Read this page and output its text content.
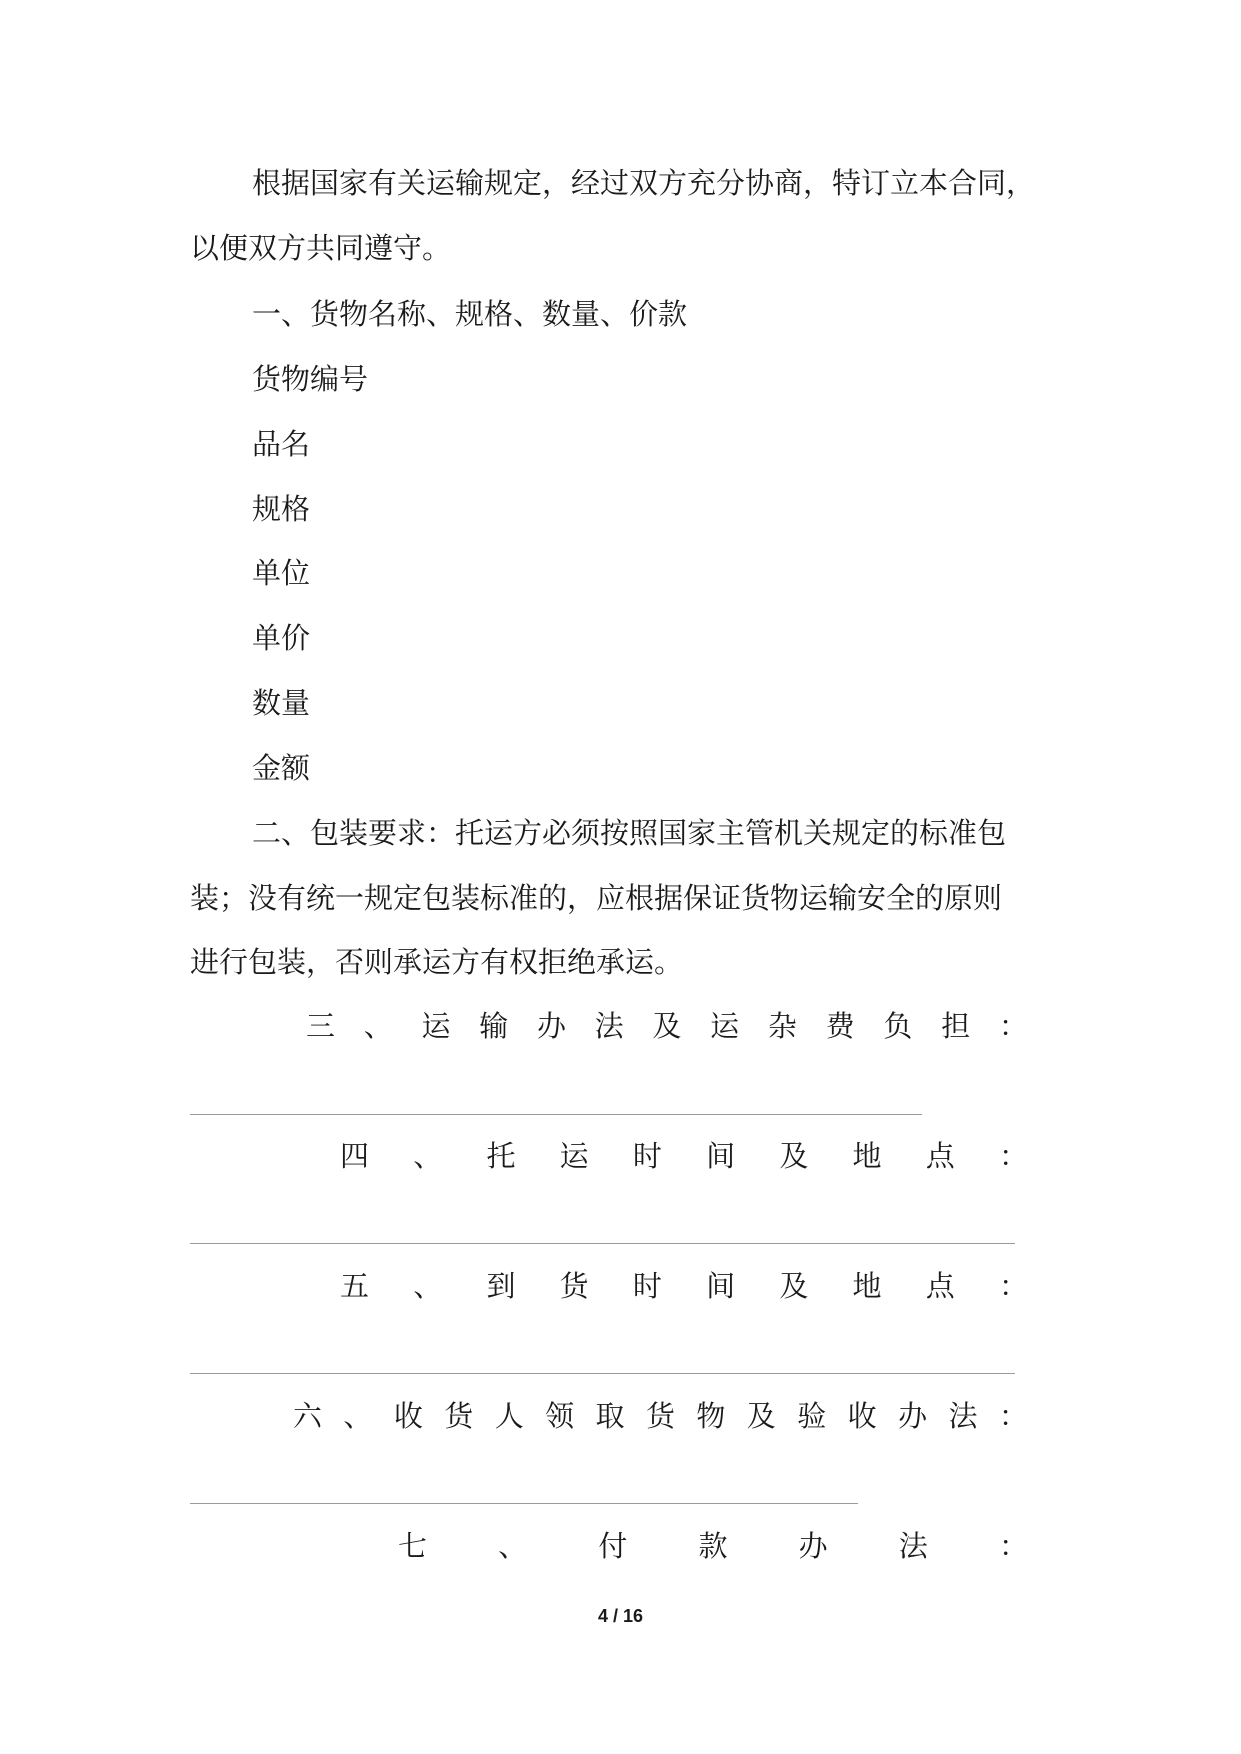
根据国家有关运输规定，经过双方充分协商，特订立本合同，
以便双方共同遵守。
一、货物名称、规格、数量、价款
货物编号
品名
规格
单位
单价
数量
金额
二、包装要求：托运方必须按照国家主管机关规定的标准包
装；没有统一规定包装标准的，应根据保证货物运输安全的原则
进行包装，否则承运方有权拒绝承运。
三 、 运 输 办 法 及 运 杂 费 负 担 ：
四 、 托 运 时 间 及 地 点 ：
五 、 到 货 时 间 及 地 点 ：
六 、 收 货 人 领 取 货 物 及 验 收 办 法 ：
七 、 付 款 办 法 ：
4 / 16
